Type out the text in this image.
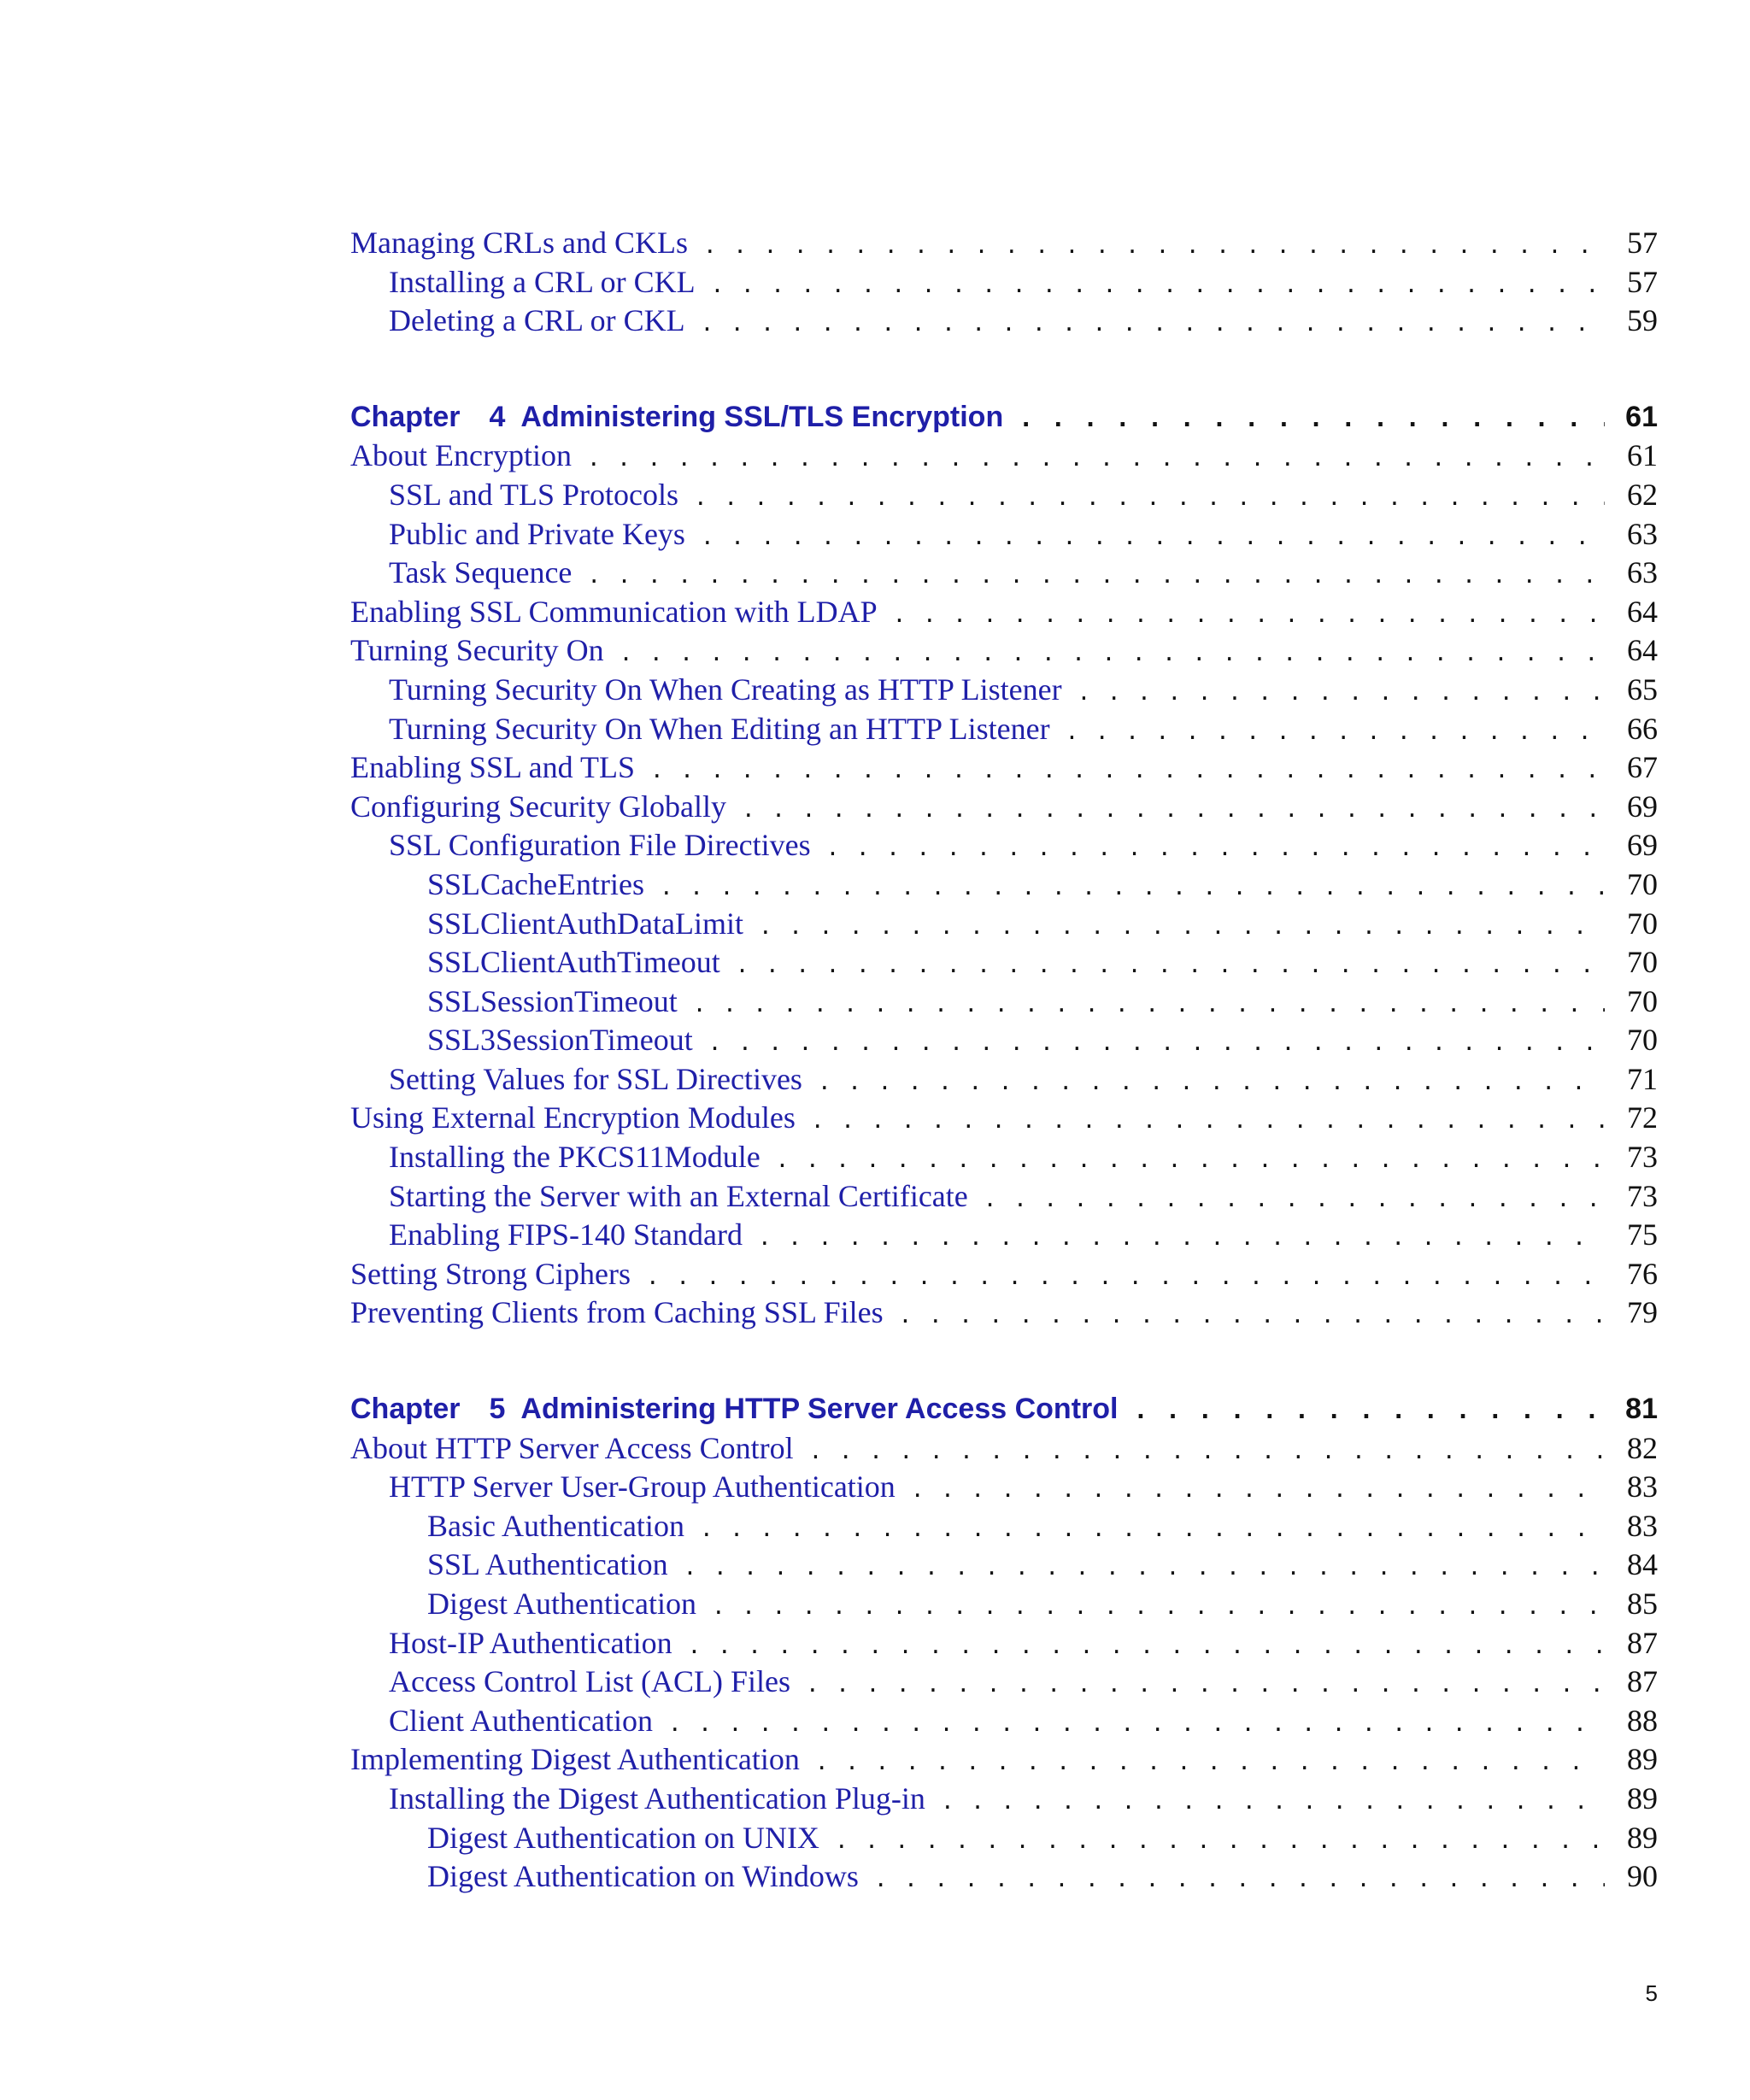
Managing CRLs and CKLs . . .	57
Installing a CRL or CKL . . .	57
Deleting a CRL or CKL . . .	59
Chapter	4 Administering SSL/TLS Encryption . . .	61
About Encryption . . .	61
SSL and TLS Protocols . . .	62
Public and Private Keys . . .	63
Task Sequence . . .	63
Enabling SSL Communication with LDAP . . .	64
Turning Security On . . .	64
Turning Security On When Creating as HTTP Listener . . .	65
Turning Security On When Editing an HTTP Listener . . .	66
Enabling SSL and TLS . . .	67
Configuring Security Globally . . .	69
SSL Configuration File Directives . . .	69
SSLCacheEntries . . .	70
SSLClientAuthDataLimit . . .	70
SSLClientAuthTimeout . . .	70
SSLSessionTimeout . . .	70
SSL3SessionTimeout . . .	70
Setting Values for SSL Directives . . .	71
Using External Encryption Modules . . .	72
Installing the PKCS11Module . . .	73
Starting the Server with an External Certificate . . .	73
Enabling FIPS-140 Standard . . .	75
Setting Strong Ciphers . . .	76
Preventing Clients from Caching SSL Files . . .	79
Chapter	5 Administering HTTP Server Access Control . . .	81
About HTTP Server Access Control . . .	82
HTTP Server User-Group Authentication . . .	83
Basic Authentication . . .	83
SSL Authentication . . .	84
Digest Authentication . . .	85
Host-IP Authentication . . .	87
Access Control List (ACL) Files . . .	87
Client Authentication . . .	88
Implementing Digest Authentication . . .	89
Installing the Digest Authentication Plug-in . . .	89
Digest Authentication on UNIX . . .	89
Digest Authentication on Windows . . .	90
5
